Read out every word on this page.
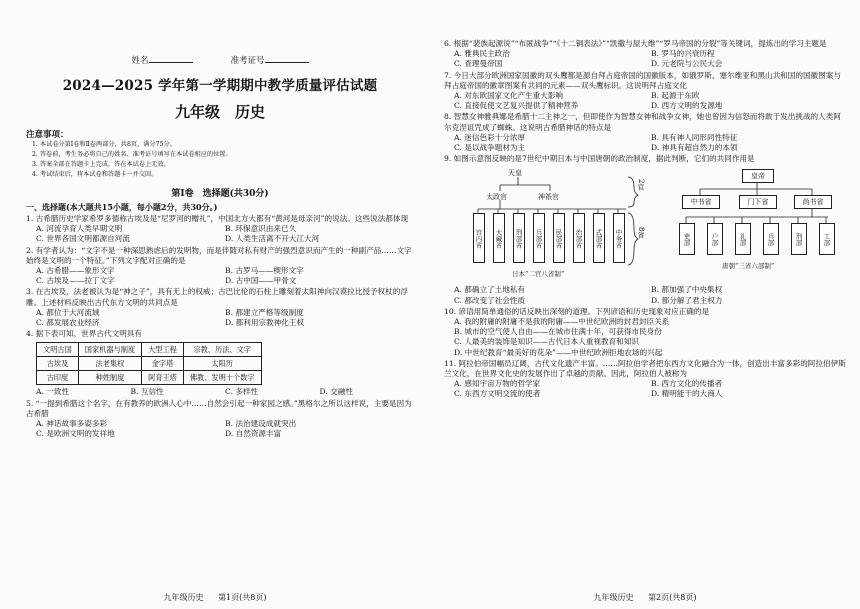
姓名	准考证号
2024—2025 学年第一学期期中教学质量评估试题
九年级　历史
注意事项：
1. 本试卷分第Ⅰ卷和Ⅱ卷两部分，共8页，满分75分。
2. 答卷前，考生务必将自己的姓名、准考证号填写在本试卷相应的位置。
3. 答案全部在答题卡上完成，答在本试卷上无效。
4. 考试结束后，将本试卷和答题卡一并交回。
第Ⅰ卷　选择题(共30分)
一、选择题(本大题共15小题，每小题2分，共30分。)
1. 古希腊历史学家希罗多德称古埃及是“尼罗河的赠礼”，中国北方大都有“黄河是母亲河”的说法。这些说法都体现
A. 河流孕育人类早期文明	B. 环保意识由来已久
C. 世界各国文明都源自河流	D. 人类生活离不开大江大河
2. 有学者认为：“文字不是一种深思熟虑后的发明物，而是伴随对私有财产的强烈意识而产生的一种副产品……文字始终是文明的一个特征。”下列文字配对正确的是
A. 古希腊——象形文字	B. 古罗马——楔形文字
C. 古埃及——拉丁文字	D. 古中国——甲骨文
3. 在古埃及，法老被认为是“神之子”，具有无上的权威；古巴比伦的石柱上雕刻着太阳神向汉谟拉比授予权杖的浮雕。上述材料反映出古代东方文明的共同点是
A. 都位于大河流域	B. 都建立严格等级制度
C. 都发展农业经济	D. 都利用宗教神化王权
4. 据下表可知，世界古代文明具有
文明古国	国家机器与制度	大型工程	宗教、历法、文字
古埃及	法老集权	金字塔	太阳历
古印度	种姓制度	阿育王塔	佛教、发明十个数字
A. 一致性	B. 互信性	C. 多样性	D. 交融性
5. “一提到希腊这个名字，在有教养的欧洲人心中……自然会引起一种家园之感。”黑格尔之所以这样说，主要是因为古希腊
A. 神话故事多姿多彩	B. 法治建设成就突出
C. 是欧洲文明的发祥地	D. 自然资源丰富
九年级历史 第1页(共8页)
6. 根据“裴族起源说”“布匿战争”“《十二铜表法》”“凯撒与屋大维”“罗马帝国的分裂”等关键词，提炼出的学习主题是
A. 雅典民主政治	B. 罗马的兴衰历程
C. 查理曼帝国	D. 元老院与公民大会
7. 今日大部分欧洲国家国徽的双头鹰都是源自拜占庭帝国的国徽版本，如俄罗斯、塞尔维亚和黑山共和国的国徽图案与拜占庭帝国的徽章图案有共同的元素——双头鹰标识。这说明拜占庭文化
A. 对东欧国家文化产生重大影响	B. 起源于东欧
C. 直接促使文艺复兴提供了精神营养	D. 西方文明的发源地
8. 智慧女神雅典娜是希腊十二主神之一，但即使作为智慧女神和战争女神，她也曾因为信怒而将敢于发出挑战的人类阿尔克涅诅咒成了蜘蛛。这说明古希腊神话的特点是
A. 迷信色彩十分浓厚	B. 具有神人同形同性特征
C. 是以战争题材为主	D. 神具有超自然力的本领
9. 如图示意图反映的是7世纪中期日本与中国唐朝的政治制度，据此判断，它们的共同作用是
天皇
太政官	神祇官
2官
8省
宫内省	大藏省	刑部省	兵部省	民部省	治部省	式部省	中务省
日本“二官八省制”
皇帝
中书省	门下省	尚书省
吏部	户部	礼部	兵部	刑部	工部
唐朝“三省六部制”
A. 都确立了土地私有	B. 都加强了中央集权
C. 都改变了社会性质	D. 都分解了君主权力
10. 谚语用简单通俗的话反映出深刻的道理。下列谚语和历史现象对应正确的是
A. 我的附庸的附庸不是我的附庸——中世纪欧洲的封君封臣关系
B. 城市的空气使人自由——在城市住满十年，可获得市民身份
C. 人最美的装饰是知识——古代日本人重视教育和知识
D. 中世纪教育“最美好的花朵”——中世纪欧洲拒地农场的兴起
11. 阿拉伯帝国幅员辽阔，古代文化遗产丰富。……阿拉伯学者把东西方文化融合为一体，创造出丰富多彩的阿拉伯伊斯兰文化，在世界文化史的发展作出了卓越的贡献。因此，阿拉伯人被称为
A. 感知宇宙万物的哲学家	B. 西方文化的传播者
C. 东西方文明交流的使者	D. 精明能干的大商人
九年级历史 第2页(共8页)
